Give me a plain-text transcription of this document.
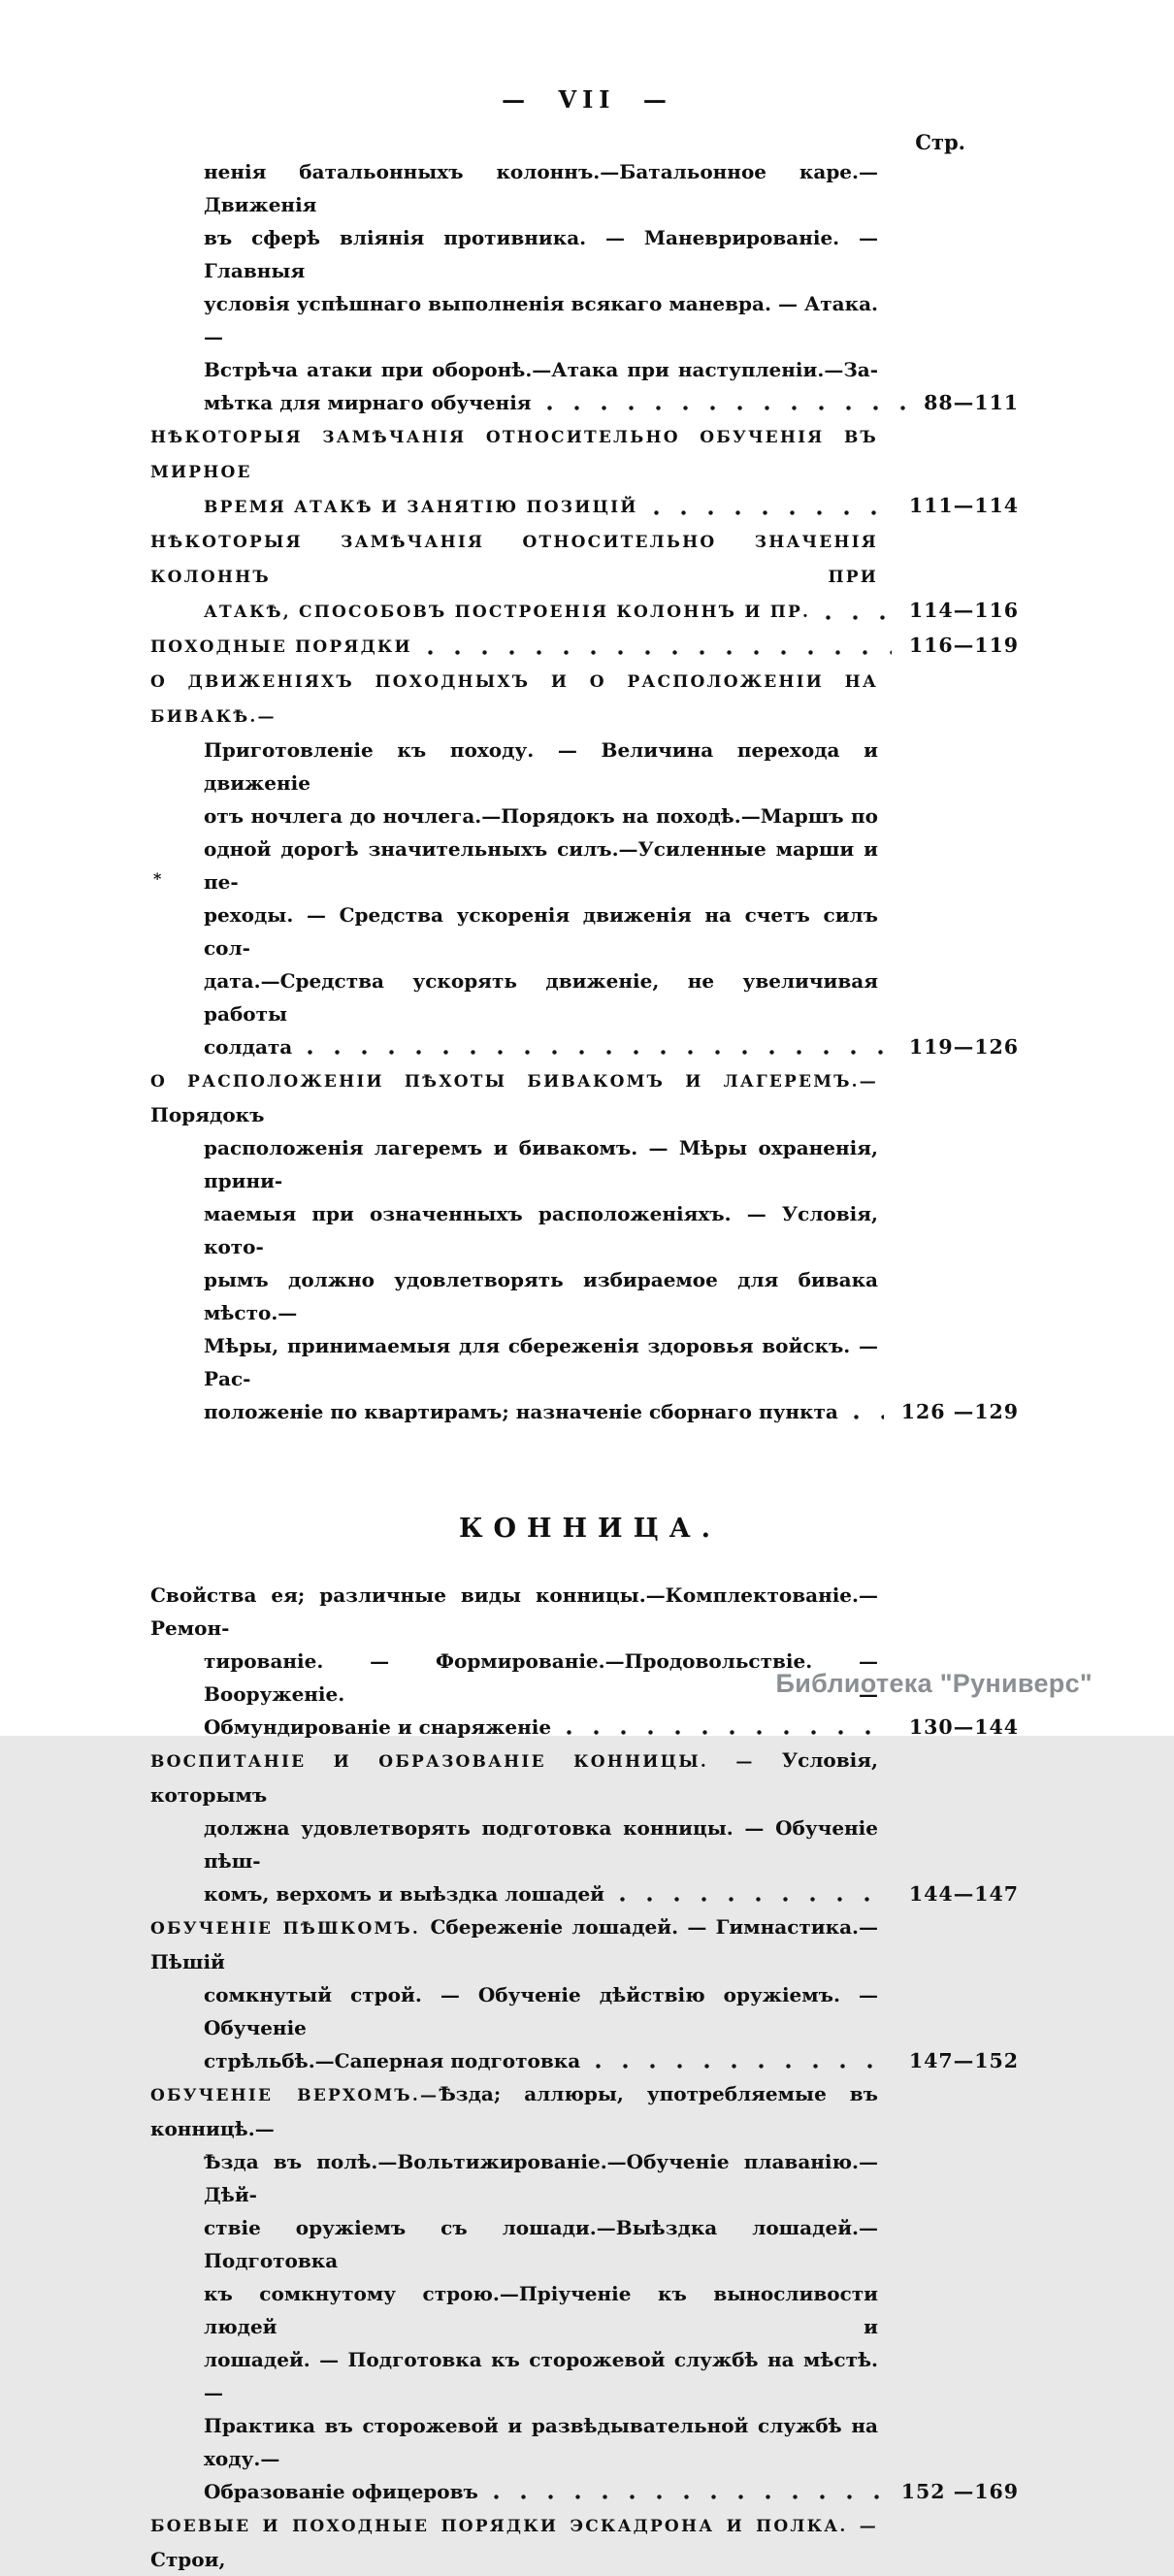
— VII —
Стр.
ненія батальонныхъ колоннъ.—Батальонное каре.—Движенія
въ сферѣ вліянія противника. — Маневрированіе. — Главныя
условія успѣшнаго выполненія всякаго маневра. — Атака. —
Встрѣча атаки при оборонѣ.—Атака при наступленіи.—За-
мѣтка для мирнаго обученія	88—111
НѢКОТОРЫЯ ЗАМѢЧАНІЯ ОТНОСИТЕЛЬНО ОБУЧЕНІЯ ВЪ МИРНОЕ
ВРЕМЯ АТАКѢ И ЗАНЯТІЮ ПОЗИЦІЙ	111—114
НѢКОТОРЫЯ ЗАМѢЧАНІЯ ОТНОСИТЕЛЬНО ЗНАЧЕНІЯ КОЛОННЪ ПРИ
АТАКѢ, СПОСОБОВЪ ПОСТРОЕНІЯ КОЛОННЪ И ПР.	114—116
ПОХОДНЫЕ ПОРЯДКИ	116—119
О ДВИЖЕНІЯХЪ ПОХОДНЫХЪ И О РАСПОЛОЖЕНІИ НА БИВАКѢ.—
Приготовленіе къ походу. — Величина перехода и движеніе
отъ ночлега до ночлега.—Порядокъ на походѣ.—Маршъ по
одной дорогѣ значительныхъ силъ.—Усиленные марши и пе-
реходы. — Средства ускоренія движенія на счетъ силъ сол-
дата.—Средства ускорять движеніе, не увеличивая работы
солдата	119—126
О РАСПОЛОЖЕНІИ ПѢХОТЫ БИВАКОМЪ И ЛАГЕРЕМЪ.—Порядокъ
расположенія лагеремъ и бивакомъ. — Мѣры охраненія, прини-
маемыя при означенныхъ расположеніяхъ. — Условія, кото-
рымъ должно удовлетворять избираемое для бивака мѣсто.—
Мѣры, принимаемыя для сбереженія здоровья войскъ. —Рас-
положеніе по квартирамъ; назначеніе сборнаго пункта	126 —129
КОННИЦА.
Свойства ея; различные виды конницы.—Комплектованіе.—Ремон-
тированіе. — Формированіе.—Продовольствіе. — Вооруженіе. —
Обмундированіе и снаряженіе	130—144
ВОСПИТАНІЕ И ОБРАЗОВАНІЕ КОННИЦЫ. — Условія, которымъ
должна удовлетворять подготовка конницы. — Обученіе пѣш-
комъ, верхомъ и выѣздка лошадей	144—147
ОБУЧЕНІЕ ПѢШКОМЪ. Сбереженіе лошадей. — Гимнастика.—Пѣшій
сомкнутый строй. — Обученіе дѣйствію оружіемъ. — Обученіе
стрѣльбѣ.—Саперная подготовка	147—152
ОБУЧЕНІЕ ВЕРХОМЪ.—Ѣзда; аллюры, употребляемые въ конницѣ.—
Ѣзда въ полѣ.—Вольтижированіе.—Обученіе плаванію.—Дѣй-
ствіе оружіемъ съ лошади.—Выѣздка лошадей.—Подготовка
къ сомкнутому строю.—Пріученіе къ выносливости людей и
лошадей. — Подготовка къ сторожевой службѣ на мѣстѣ. —
Практика въ сторожевой и развѣдывательной службѣ на ходу.—
Образованіе офицеровъ	152 —169
БОЕВЫЕ И ПОХОДНЫЕ ПОРЯДКИ ЭСКАДРОНА И ПОЛКА. — Строи,
*
Библиотека "Руниверс"
